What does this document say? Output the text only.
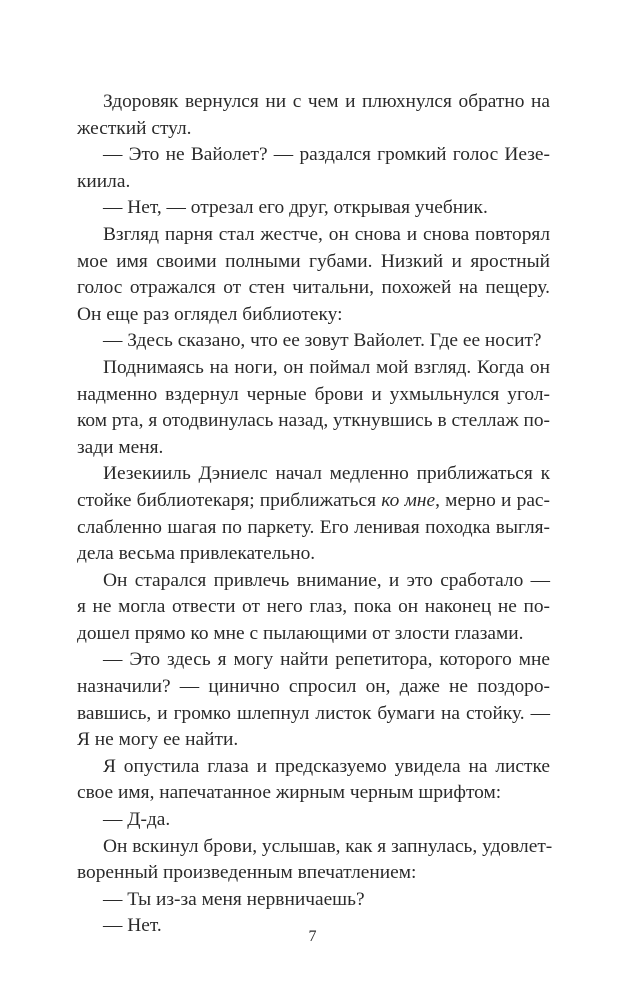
Здоровяк вернулся ни с чем и плюхнулся обратно на
жесткий стул.
— Это не Вайолет? — раздался громкий голос Иезе-
киила.
— Нет, — отрезал его друг, открывая учебник.
Взгляд парня стал жестче, он снова и снова повторял
мое имя своими полными губами. Низкий и яростный
голос отражался от стен читальни, похожей на пещеру.
Он еще раз оглядел библиотеку:
— Здесь сказано, что ее зовут Вайолет. Где ее носит?
Поднимаясь на ноги, он поймал мой взгляд. Когда он
надменно вздернул черные брови и ухмыльнулся угол-
ком рта, я отодвинулась назад, уткнувшись в стеллаж по-
зади меня.
Иезекииль Дэниелс начал медленно приближаться к
стойке библиотекаря; приближаться ко мне, мерно и рас-
слабленно шагая по паркету. Его ленивая походка выгля-
дела весьма привлекательно.
Он старался привлечь внимание, и это сработало —
я не могла отвести от него глаз, пока он наконец не по-
дошел прямо ко мне с пылающими от злости глазами.
— Это здесь я могу найти репетитора, которого мне
назначили? — цинично спросил он, даже не поздоро-
вавшись, и громко шлепнул листок бумаги на стойку. —
Я не могу ее найти.
Я опустила глаза и предсказуемо увидела на листке
свое имя, напечатанное жирным черным шрифтом:
— Д-да.
Он вскинул брови, услышав, как я запнулась, удовлет-
воренный произведенным впечатлением:
— Ты из-за меня нервничаешь?
— Нет.
7
